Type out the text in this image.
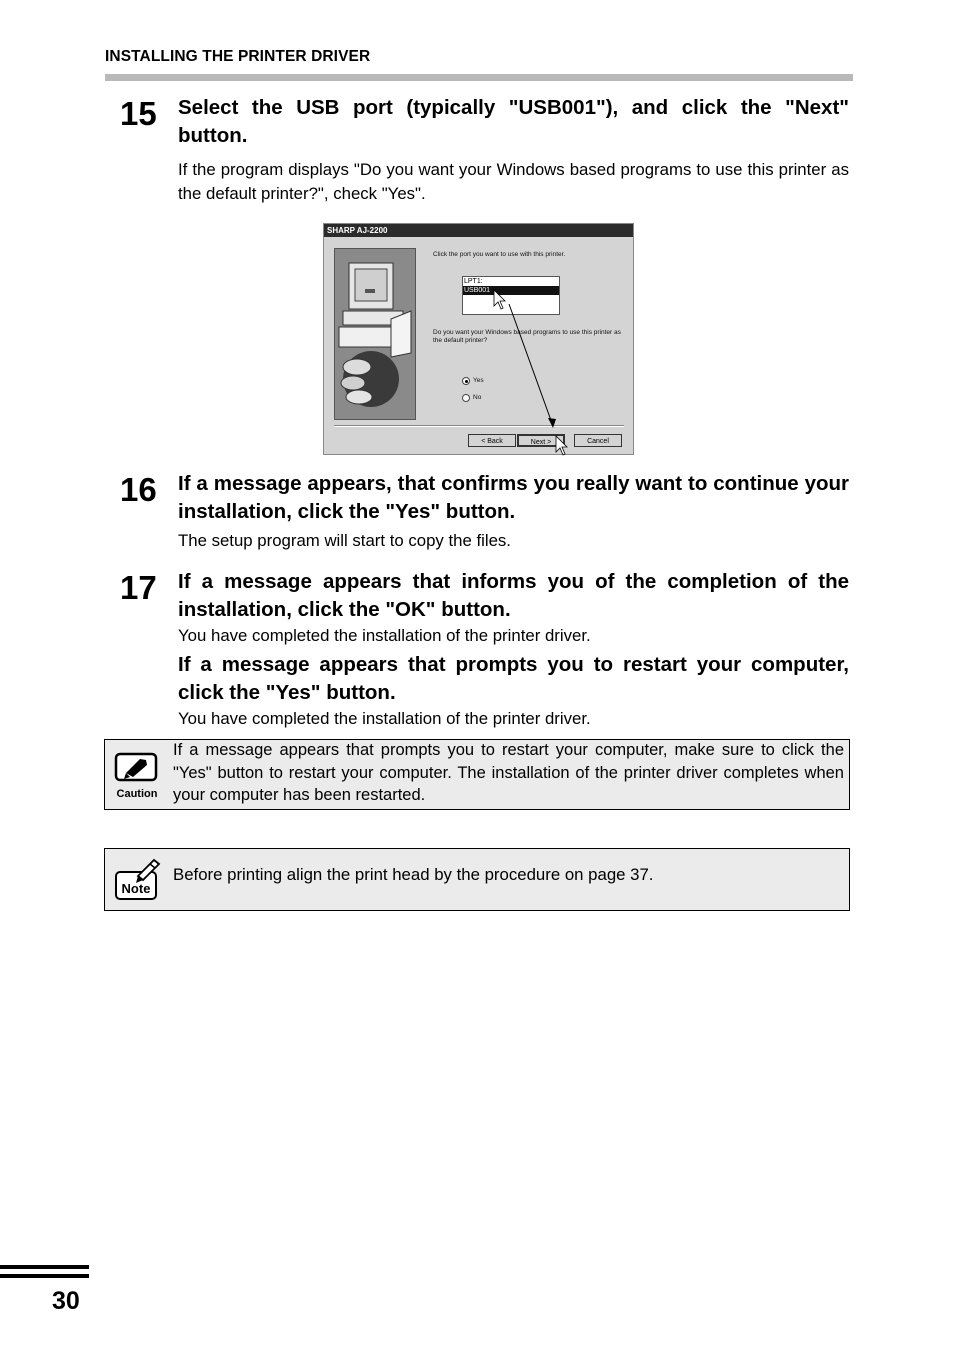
INSTALLING THE PRINTER DRIVER
15 Select the USB port (typically "USB001"), and click the "Next" button.
If the program displays "Do you want your Windows based programs to use this printer as the default printer?", check "Yes".
SHARP AJ-2200
Click the port you want to use with this printer.
LPT1:
USB001
Do you want your Windows based programs to use this printer as the default printer?
Yes
No
< Back	Next >	Cancel
16 If a message appears, that confirms you really want to continue your installation, click the "Yes" button.
The setup program will start to copy the files.
17 If a message appears that informs you of the completion of the installation, click the "OK" button.
You have completed the installation of the printer driver.
If a message appears that prompts you to restart your computer, click the "Yes" button.
You have completed the installation of the printer driver.
Caution
If a message appears that prompts you to restart your computer, make sure to click the "Yes" button to restart your computer. The installation of the printer driver completes when your computer has been restarted.
Note
Before printing align the print head by the procedure on page 37.
30
